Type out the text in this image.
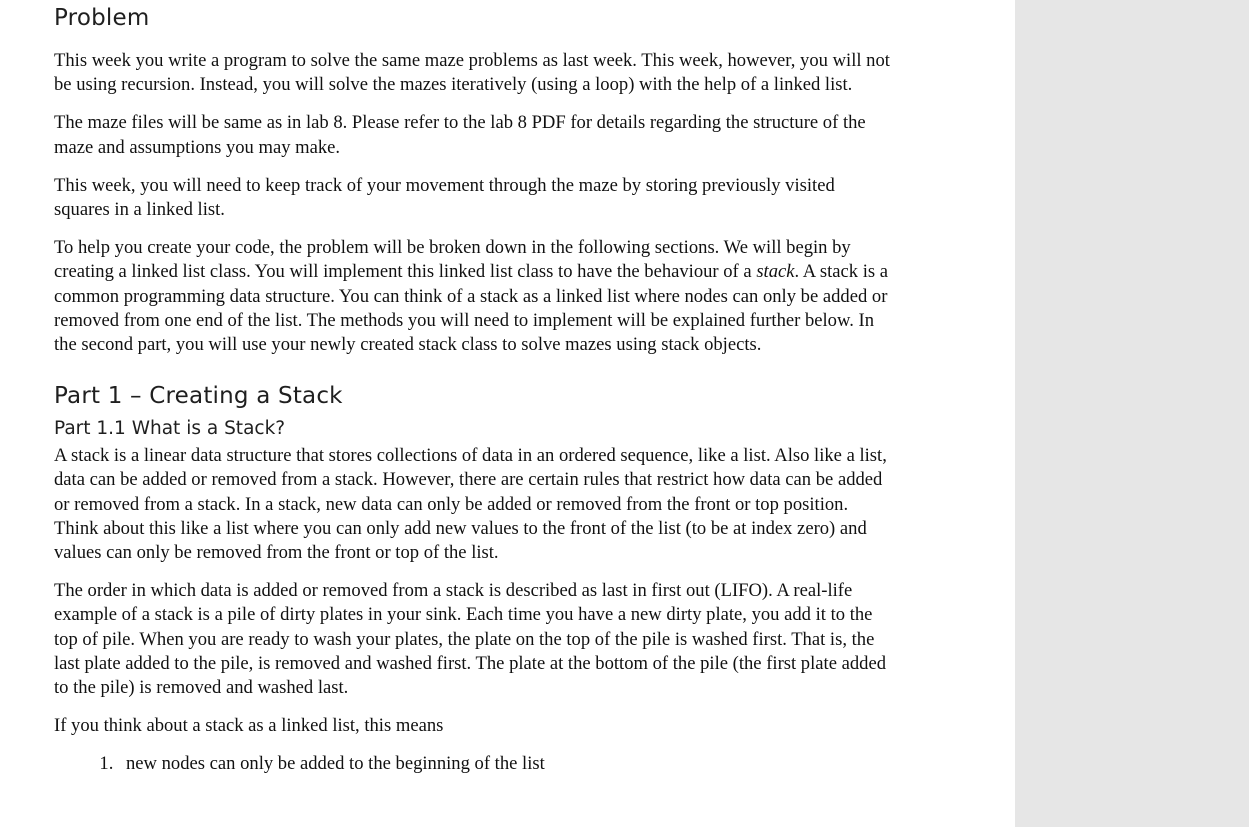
Problem

This week you write a program to solve the same maze problems as last week. This week, however, you will not be using recursion. Instead, you will solve the mazes iteratively (using a loop) with the help of a linked list.

The maze files will be same as in lab 8. Please refer to the lab 8 PDF for details regarding the structure of the maze and assumptions you may make.

This week, you will need to keep track of your movement through the maze by storing previously visited squares in a linked list.

To help you create your code, the problem will be broken down in the following sections. We will begin by creating a linked list class. You will implement this linked list class to have the behaviour of a stack. A stack is a common programming data structure. You can think of a stack as a linked list where nodes can only be added or removed from one end of the list. The methods you will need to implement will be explained further below. In the second part, you will use your newly created stack class to solve mazes using stack objects.

Part 1 – Creating a Stack
Part 1.1 What is a Stack?

A stack is a linear data structure that stores collections of data in an ordered sequence, like a list. Also like a list, data can be added or removed from a stack. However, there are certain rules that restrict how data can be added or removed from a stack. In a stack, new data can only be added or removed from the front or top position. Think about this like a list where you can only add new values to the front of the list (to be at index zero) and values can only be removed from the front or top of the list.

The order in which data is added or removed from a stack is described as last in first out (LIFO). A real-life example of a stack is a pile of dirty plates in your sink. Each time you have a new dirty plate, you add it to the top of pile. When you are ready to wash your plates, the plate on the top of the pile is washed first. That is, the last plate added to the pile, is removed and washed first. The plate at the bottom of the pile (the first plate added to the pile) is removed and washed last.

If you think about a stack as a linked list, this means

1. new nodes can only be added to the beginning of the list
